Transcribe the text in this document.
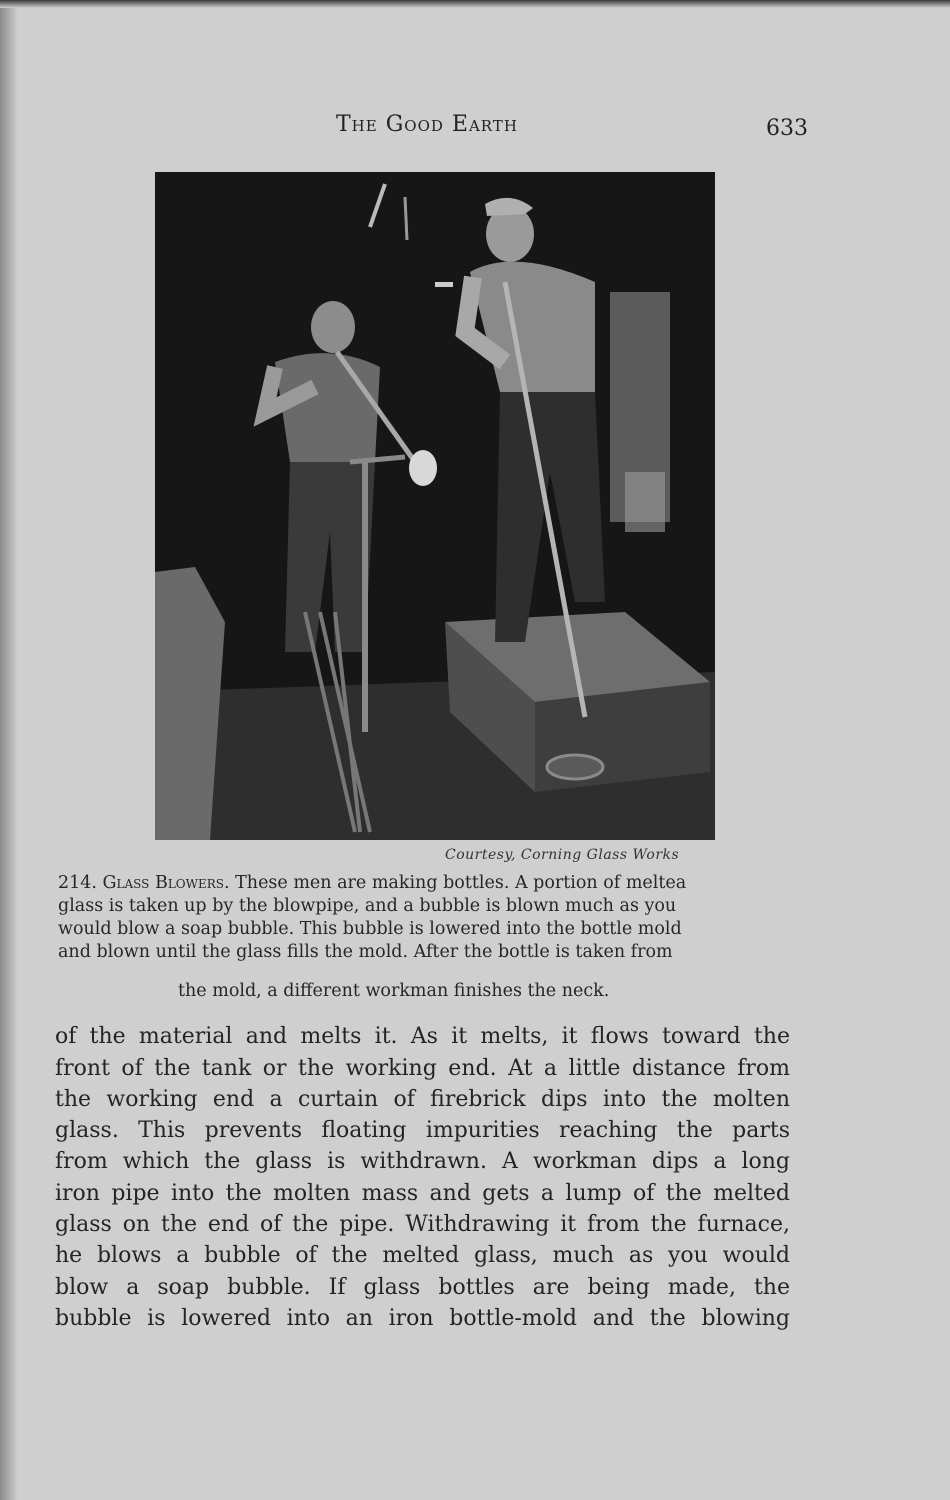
The Good Earth	633
Courtesy, Corning Glass Works
214. Glass Blowers. These men are making bottles. A portion of meltea
glass is taken up by the blowpipe, and a bubble is blown much as you
would blow a soap bubble. This bubble is lowered into the bottle mold
and blown until the glass fills the mold. After the bottle is taken from
the mold, a different workman finishes the neck.
of the material and melts it. As it melts, it flows toward the
front of the tank or the working end. At a little distance from
the working end a curtain of firebrick dips into the molten
glass. This prevents floating impurities reaching the parts
from which the glass is withdrawn. A workman dips a long
iron pipe into the molten mass and gets a lump of the melted
glass on the end of the pipe. Withdrawing it from the furnace,
he blows a bubble of the melted glass, much as you would
blow a soap bubble. If glass bottles are being made, the
bubble is lowered into an iron bottle-mold and the blowing
